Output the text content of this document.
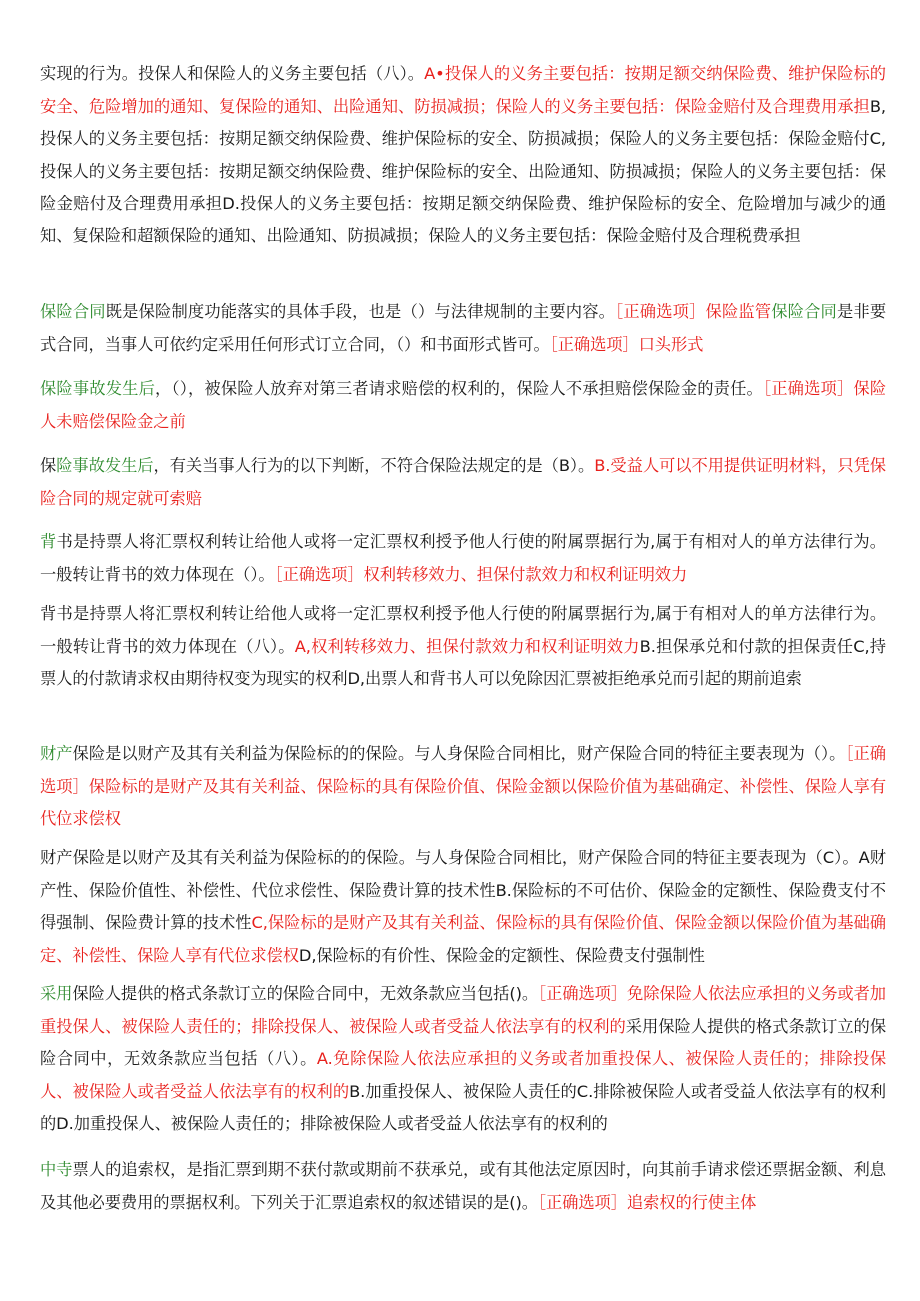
实现的行为。投保人和保险人的义务主要包括（八）。A•投保人的义务主要包括：按期足额交纳保险费、维护保险标的安全、危险增加的通知、复保险的通知、出险通知、防损减损；保险人的义务主要包括：保险金赔付及合理费用承担B,投保人的义务主要包括：按期足额交纳保险费、维护保险标的安全、防损减损；保险人的义务主要包括：保险金赔付C,投保人的义务主要包括：按期足额交纳保险费、维护保险标的安全、出险通知、防损减损；保险人的义务主要包括：保险金赔付及合理费用承担D.投保人的义务主要包括：按期足额交纳保险费、维护保险标的安全、危险增加与减少的通知、复保险和超额保险的通知、出险通知、防损减损；保险人的义务主要包括：保险金赔付及合理税费承担

保险合同既是保险制度功能落实的具体手段，也是（）与法律规制的主要内容。［正确选项］保险监管保险合同是非要式合同，当事人可依约定采用任何形式订立合同，（）和书面形式皆可。［正确选项］口头形式

保险事故发生后，（），被保险人放弃对第三者请求赔偿的权利的，保险人不承担赔偿保险金的责任。［正确选项］保险人未赔偿保险金之前

保险事故发生后，有关当事人行为的以下判断，不符合保险法规定的是（B）。B.受益人可以不用提供证明材料，只凭保险合同的规定就可索赔

背书是持票人将汇票权利转让给他人或将一定汇票权利授予他人行使的附属票据行为,属于有相对人的单方法律行为。一般转让背书的效力体现在（）。［正确选项］权利转移效力、担保付款效力和权利证明效力

背书是持票人将汇票权利转让给他人或将一定汇票权利授予他人行使的附属票据行为,属于有相对人的单方法律行为。一般转让背书的效力体现在（八）。A,权利转移效力、担保付款效力和权利证明效力B.担保承兑和付款的担保责任C,持票人的付款请求权由期待权变为现实的权利D,出票人和背书人可以免除因汇票被拒绝承兑而引起的期前追索

财产保险是以财产及其有关利益为保险标的的保险。与人身保险合同相比，财产保险合同的特征主要表现为（）。［正确选项］保险标的是财产及其有关利益、保险标的具有保险价值、保险金额以保险价值为基础确定、补偿性、保险人享有代位求偿权

财产保险是以财产及其有关利益为保险标的的保险。与人身保险合同相比，财产保险合同的特征主要表现为（C）。A财产性、保险价值性、补偿性、代位求偿性、保险费计算的技术性B.保险标的不可估价、保险金的定额性、保险费支付不得强制、保险费计算的技术性C,保险标的是财产及其有关利益、保险标的具有保险价值、保险金额以保险价值为基础确定、补偿性、保险人享有代位求偿权D,保险标的有价性、保险金的定额性、保险费支付强制性

采用保险人提供的格式条款订立的保险合同中，无效条款应当包括()。［正确选项］免除保险人依法应承担的义务或者加重投保人、被保险人责任的；排除投保人、被保险人或者受益人依法享有的权利的采用保险人提供的格式条款订立的保险合同中，无效条款应当包括（八）。A.免除保险人依法应承担的义务或者加重投保人、被保险人责任的；排除投保人、被保险人或者受益人依法享有的权利的B.加重投保人、被保险人责任的C.排除被保险人或者受益人依法享有的权利的D.加重投保人、被保险人责任的；排除被保险人或者受益人依法享有的权利的

中寺票人的追索权，是指汇票到期不获付款或期前不获承兑，或有其他法定原因时，向其前手请求偿还票据金额、利息及其他必要费用的票据权利。下列关于汇票追索权的叙述错误的是()。［正确选项］追索权的行使主体
